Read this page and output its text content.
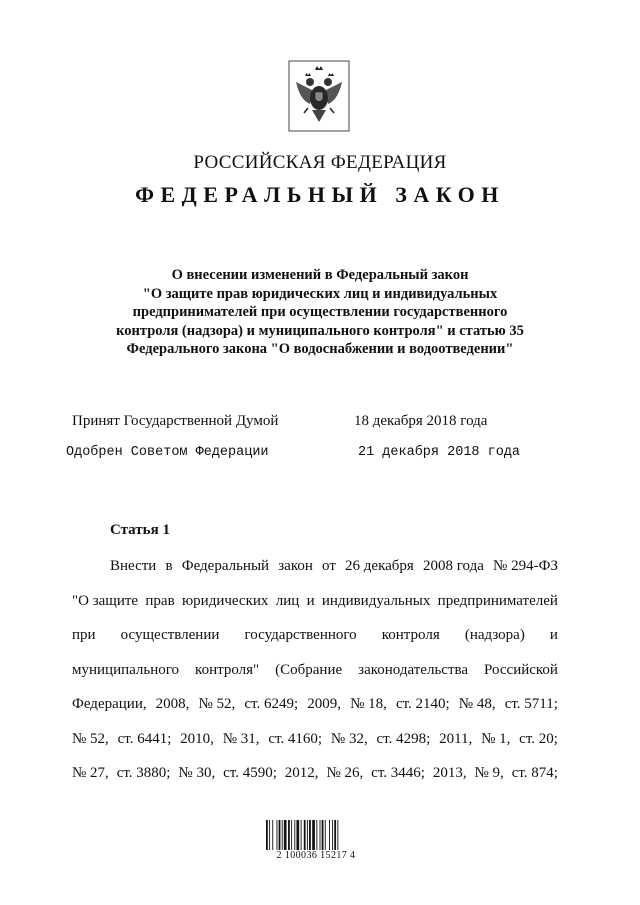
РОССИЙСКАЯ ФЕДЕРАЦИЯ
ФЕДЕРАЛЬНЫЙ ЗАКОН
О внесении изменений в Федеральный закон
"О защите прав юридических лиц и индивидуальных
предпринимателей при осуществлении государственного
контроля (надзора) и муниципального контроля" и статью 35
Федерального закона "О водоснабжении и водоотведении"
Принят Государственной Думой	18 декабря 2018 года
Одобрен Советом Федерации	21 декабря 2018 года
Статья 1
Внести в Федеральный закон от 26 декабря 2008 года № 294-ФЗ
"О защите прав юридических лиц и индивидуальных предпринимателей
при осуществлении государственного контроля (надзора) и
муниципального контроля" (Собрание законодательства Российской
Федерации, 2008, № 52, ст. 6249; 2009, № 18, ст. 2140; № 48, ст. 5711;
№ 52, ст. 6441; 2010, № 31, ст. 4160; № 32, ст. 4298; 2011, № 1, ст. 20;
№ 27, ст. 3880; № 30, ст. 4590; 2012, № 26, ст. 3446; 2013, № 9, ст. 874;
2 100036 15217 4
